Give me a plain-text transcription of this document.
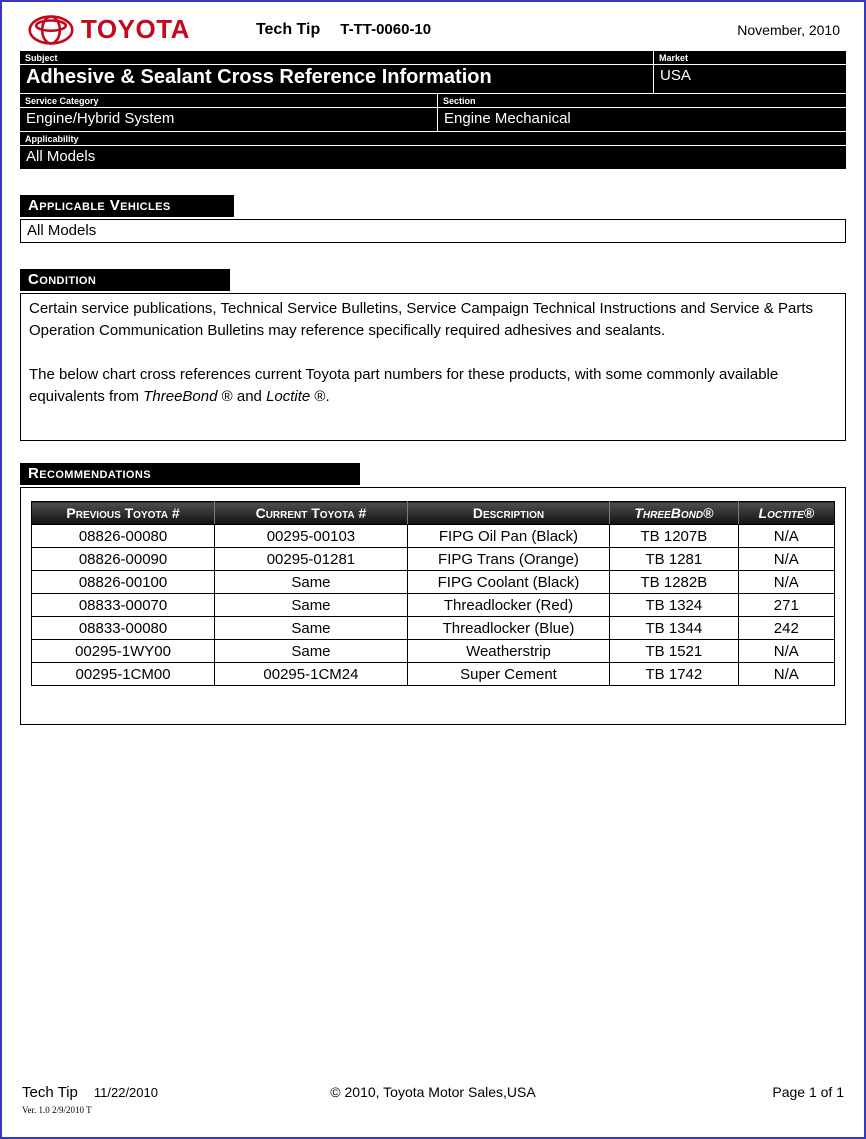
TOYOTA	Tech Tip T-TT-0060-10	November, 2010
Subject
Adhesive & Sealant Cross Reference Information
Market
USA
Service Category
Engine/Hybrid System
Section
Engine Mechanical
Applicability
All Models
Applicable Vehicles
All Models
Condition

Certain service publications, Technical Service Bulletins, Service Campaign Technical Instructions and Service & Parts Operation Communication Bulletins may reference specifically required adhesives and sealants.

The below chart cross references current Toyota part numbers for these products, with some commonly available equivalents from ThreeBond ® and Loctite ®.

Recommendations
Previous Toyota #	Current Toyota #	Description	ThreeBond®	Loctite®
08826-00080	00295-00103	FIPG Oil Pan (Black)	TB 1207B	N/A
08826-00090	00295-01281	FIPG Trans (Orange)	TB 1281	N/A
08826-00100	Same	FIPG Coolant (Black)	TB 1282B	N/A
08833-00070	Same	Threadlocker (Red)	TB 1324	271
08833-00080	Same	Threadlocker (Blue)	TB 1344	242
00295-1WY00	Same	Weatherstrip	TB 1521	N/A
00295-1CM00	00295-1CM24	Super Cement	TB 1742	N/A
Tech Tip 11/22/2010	© 2010, Toyota Motor Sales,USA	Page 1 of 1
Ver. 1.0 2/9/2010 T
